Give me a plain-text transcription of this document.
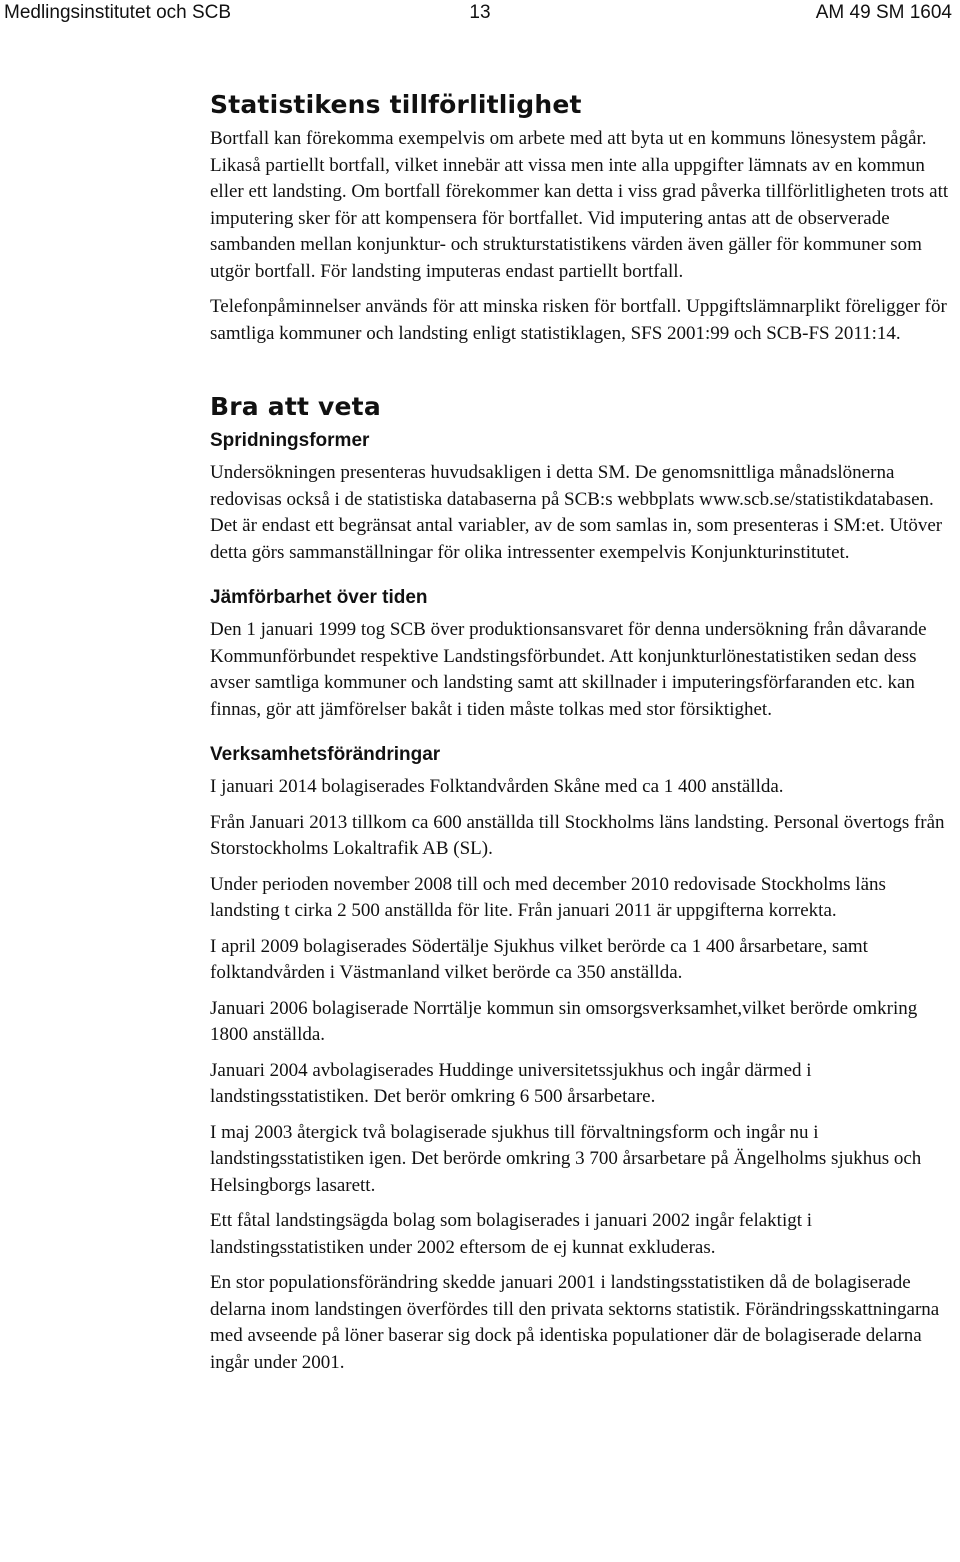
Medlingsinstitutet och SCB	13	AM 49 SM 1604
Statistikens tillförlitlighet

Bortfall kan förekomma exempelvis om arbete med att byta ut en kommuns lönesystem pågår. Likaså partiellt bortfall, vilket innebär att vissa men inte alla uppgifter lämnats av en kommun eller ett landsting. Om bortfall förekommer kan detta i viss grad påverka tillförlitligheten trots att imputering sker för att kompensera för bortfallet. Vid imputering antas att de observerade sambanden mellan konjunktur- och strukturstatistikens värden även gäller för kommuner som utgör bortfall. För landsting imputeras endast partiellt bortfall.

Telefonpåminnelser används för att minska risken för bortfall. Uppgiftslämnarplikt föreligger för samtliga kommuner och landsting enligt statistiklagen, SFS 2001:99 och SCB-FS 2011:14.

Bra att veta
Spridningsformer

Undersökningen presenteras huvudsakligen i detta SM. De genomsnittliga månadslönerna redovisas också i de statistiska databaserna på SCB:s webbplats www.scb.se/statistikdatabasen. Det är endast ett begränsat antal variabler, av de som samlas in, som presenteras i SM:et. Utöver detta görs sammanställningar för olika intressenter exempelvis Konjunkturinstitutet.

Jämförbarhet över tiden

Den 1 januari 1999 tog SCB över produktionsansvaret för denna undersökning från dåvarande Kommunförbundet respektive Landstingsförbundet. Att konjunkturlönestatistiken sedan dess avser samtliga kommuner och landsting samt att skillnader i imputeringsförfaranden etc. kan finnas, gör att jämförelser bakåt i tiden måste tolkas med stor försiktighet.

Verksamhetsförändringar

I januari 2014 bolagiserades Folktandvården Skåne med ca 1 400 anställda.

Från Januari 2013 tillkom ca 600 anställda till Stockholms läns landsting. Personal övertogs från Storstockholms Lokaltrafik AB (SL).

Under perioden november 2008 till och med december 2010 redovisade Stockholms läns landsting t cirka 2 500 anställda för lite. Från januari 2011 är uppgifterna korrekta.

I april 2009 bolagiserades Södertälje Sjukhus vilket berörde ca 1 400 årsarbetare, samt folktandvården i Västmanland vilket berörde ca 350 anställda.

Januari 2006 bolagiserade Norrtälje kommun sin omsorgsverksamhet,vilket berörde omkring 1800 anställda.

Januari 2004 avbolagiserades Huddinge universitetssjukhus och ingår därmed i landstingsstatistiken. Det berör omkring 6 500 årsarbetare.

I maj 2003 återgick två bolagiserade sjukhus till förvaltningsform och ingår nu i landstingsstatistiken igen. Det berörde omkring 3 700 årsarbetare på Ängelholms sjukhus och Helsingborgs lasarett.

Ett fåtal landstingsägda bolag som bolagiserades i januari 2002 ingår felaktigt i landstingsstatistiken under 2002 eftersom de ej kunnat exkluderas.

En stor populationsförändring skedde januari 2001 i landstingsstatistiken då de bolagiserade delarna inom landstingen överfördes till den privata sektorns statistik. Förändringsskattningarna med avseende på löner baserar sig dock på identiska populationer där de bolagiserade delarna ingår under 2001.
